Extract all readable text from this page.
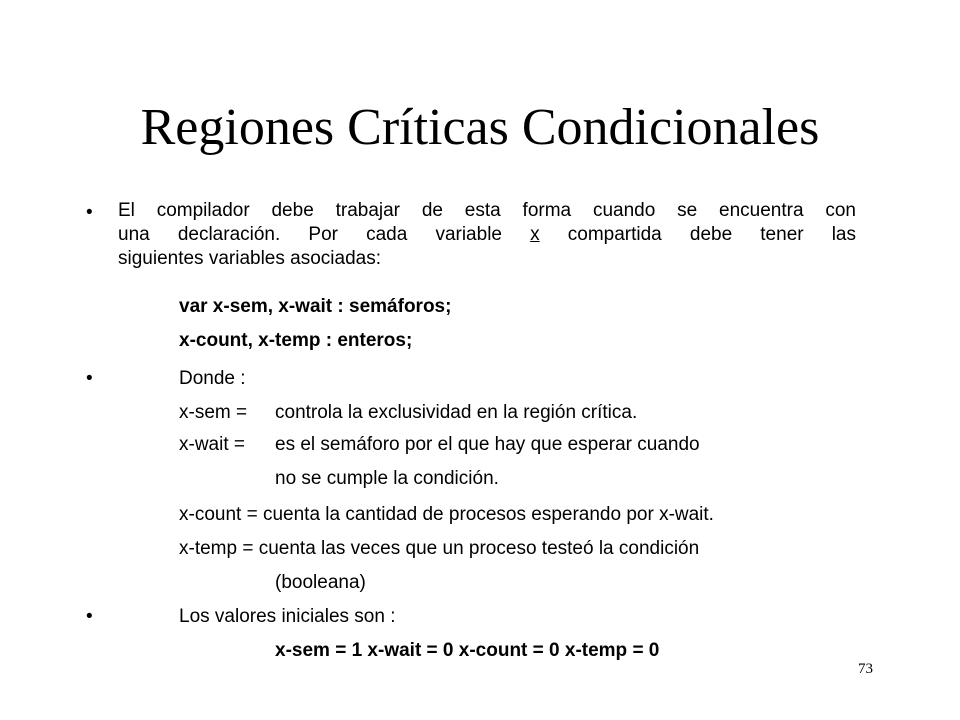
Regiones Críticas Condicionales
• El compilador debe trabajar de esta forma cuando se encuentra con
una declaración. Por cada variable x compartida debe tener las
siguientes variables asociadas:
var x-sem, x-wait : semáforos;
x-count, x-temp : enteros;
•	Donde :
x-sem = controla la exclusividad en la región crítica.
x-wait = es el semáforo por el que hay que esperar cuando
no se cumple la condición.
x-count = cuenta la cantidad de procesos esperando por x-wait.
x-temp = cuenta las veces que un proceso testeó la condición
(booleana)
•	Los valores iniciales son :
x-sem = 1 x-wait = 0 x-count = 0 x-temp = 0
73
